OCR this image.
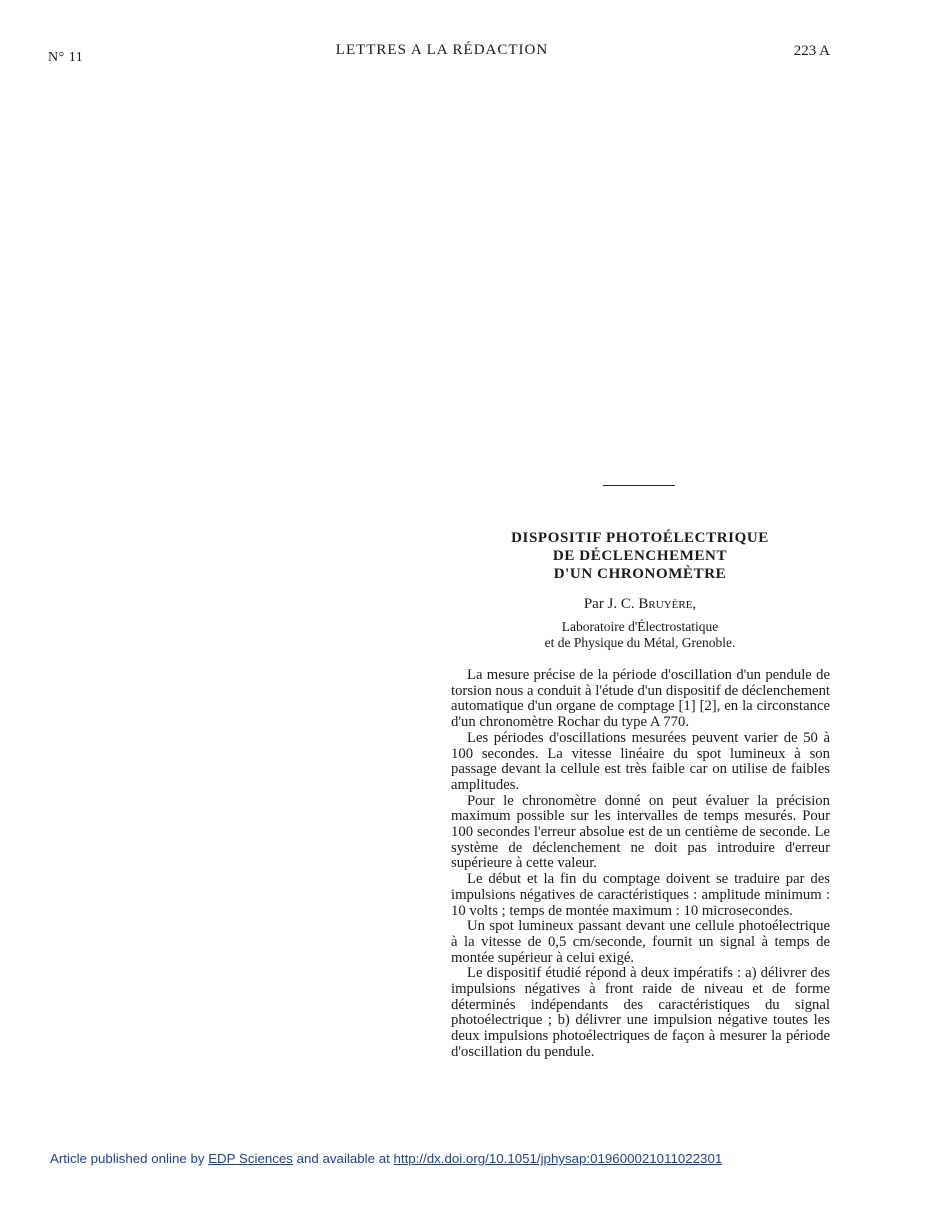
N° 11	LETTRES A LA RÉDACTION	223 A
DISPOSITIF PHOTOÉLECTRIQUE
DE DÉCLENCHEMENT
D'UN CHRONOMÈTRE
Par J. C. Bruyère,
Laboratoire d'Électrostatique
et de Physique du Métal, Grenoble.

La mesure précise de la période d'oscillation d'un pendule de torsion nous a conduit à l'étude d'un dispositif de déclenchement automatique d'un organe de comptage [1] [2], en la circonstance d'un chronomètre Rochar du type A 770.

Les périodes d'oscillations mesurées peuvent varier de 50 à 100 secondes. La vitesse linéaire du spot lumineux à son passage devant la cellule est très faible car on utilise de faibles amplitudes.

Pour le chronomètre donné on peut évaluer la précision maximum possible sur les intervalles de temps mesurés. Pour 100 secondes l'erreur absolue est de un centième de seconde. Le système de déclenchement ne doit pas introduire d'erreur supérieure à cette valeur.

Le début et la fin du comptage doivent se traduire par des impulsions négatives de caractéristiques : amplitude minimum : 10 volts ; temps de montée maximum : 10 microsecondes.

Un spot lumineux passant devant une cellule photoélectrique à la vitesse de 0,5 cm/seconde, fournit un signal à temps de montée supérieur à celui exigé.

Le dispositif étudié répond à deux impératifs : a) délivrer des impulsions négatives à front raide de niveau et de forme déterminés indépendants des caractéristiques du signal photoélectrique ; b) délivrer une impulsion négative toutes les deux impulsions photoélectriques de façon à mesurer la période d'oscillation du pendule.

Article published online by EDP Sciences and available at http://dx.doi.org/10.1051/jphysap:019600021011022301
